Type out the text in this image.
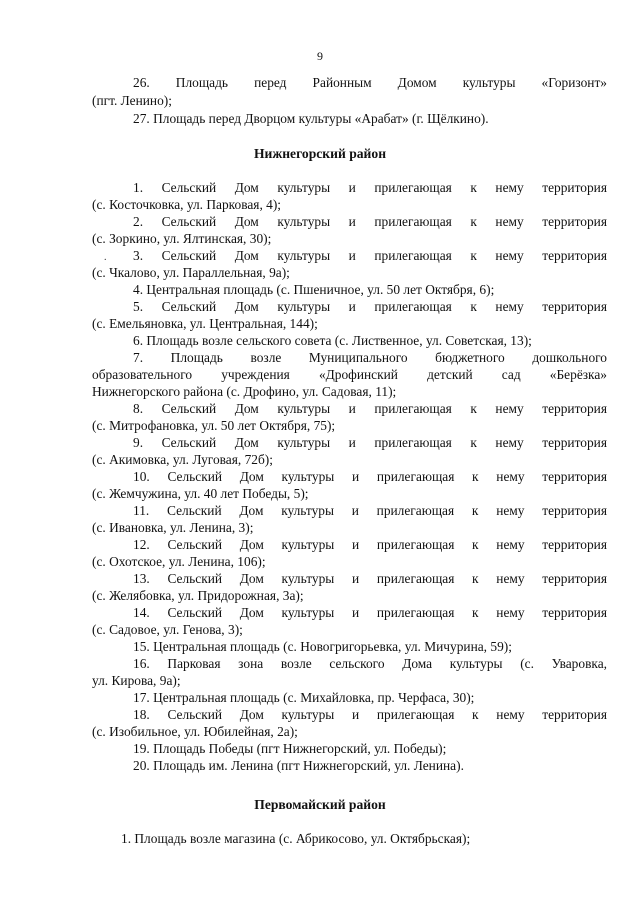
9
26. Площадь перед Районным Домом культуры «Горизонт»
(пгт. Ленино);
27. Площадь перед Дворцом культуры «Арабат» (г. Щёлкино).
Нижнегорский район
1. Сельский Дом культуры и прилегающая к нему территория
(с. Косточковка, ул. Парковая, 4);
2. Сельский Дом культуры и прилегающая к нему территория
(с. Зоркино, ул. Ялтинская, 30);
. 3. Сельский Дом культуры и прилегающая к нему территория
(с. Чкалово, ул. Параллельная, 9а);
4. Центральная площадь (с. Пшеничное, ул. 50 лет Октября, 6);
5. Сельский Дом культуры и прилегающая к нему территория
(с. Емельяновка, ул. Центральная, 144);
6. Площадь возле сельского совета (с. Лиственное, ул. Советская, 13);
7. Площадь возле Муниципального бюджетного дошкольного
образовательного учреждения «Дрофинский детский сад «Берёзка»
Нижнегорского района (с. Дрофино, ул. Садовая, 11);
8. Сельский Дом культуры и прилегающая к нему территория
(с. Митрофановка, ул. 50 лет Октября, 75);
9. Сельский Дом культуры и прилегающая к нему территория
(с. Акимовка, ул. Луговая, 72б);
10. Сельский Дом культуры и прилегающая к нему территория
(с. Жемчужина, ул. 40 лет Победы, 5);
11. Сельский Дом культуры и прилегающая к нему территория
(с. Ивановка, ул. Ленина, 3);
12. Сельский Дом культуры и прилегающая к нему территория
(с. Охотское, ул. Ленина, 106);
13. Сельский Дом культуры и прилегающая к нему территория
(с. Желябовка, ул. Придорожная, 3а);
14. Сельский Дом культуры и прилегающая к нему территория
(с. Садовое, ул. Генова, 3);
15. Центральная площадь (с. Новогригорьевка, ул. Мичурина, 59);
16. Парковая зона возле сельского Дома культуры (с. Уваровка,
ул. Кирова, 9а);
17. Центральная площадь (с. Михайловка, пр. Черфаса, 30);
18. Сельский Дом культуры и прилегающая к нему территория
(с. Изобильное, ул. Юбилейная, 2а);
19. Площадь Победы (пгт Нижнегорский, ул. Победы);
20. Площадь им. Ленина (пгт Нижнегорский, ул. Ленина).
Первомайский район
1. Площадь возле магазина (с. Абрикосово, ул. Октябрьская);
